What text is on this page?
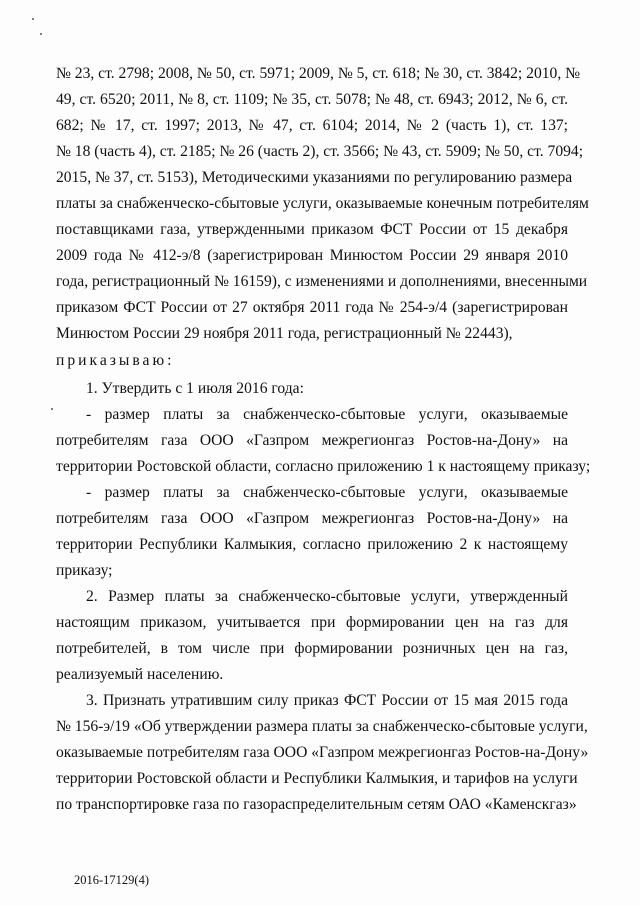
№ 23, ст. 2798; 2008, № 50, ст. 5971; 2009, № 5, ст. 618; № 30, ст. 3842; 2010, №
49, ст. 6520; 2011, № 8, ст. 1109; № 35, ст. 5078; № 48, ст. 6943; 2012, № 6, ст.
682; № 17, ст. 1997; 2013, № 47, ст. 6104; 2014, № 2 (часть 1), ст. 137;
№ 18 (часть 4), ст. 2185; № 26 (часть 2), ст. 3566; № 43, ст. 5909; № 50, ст. 7094;
2015, № 37, ст. 5153), Методическими указаниями по регулированию размера
платы за снабженческо-сбытовые услуги, оказываемые конечным потребителям
поставщиками газа, утвержденными приказом ФСТ России от 15 декабря
2009 года № 412-э/8 (зарегистрирован Минюстом России 29 января 2010
года, регистрационный № 16159), с изменениями и дополнениями, внесенными
приказом ФСТ России от 27 октября 2011 года № 254-э/4 (зарегистрирован
Минюстом России 29 ноября 2011 года, регистрационный № 22443),
приказываю:
1. Утвердить с 1 июля 2016 года:
- размер платы за снабженческо-сбытовые услуги, оказываемые
потребителям газа ООО «Газпром межрегионгаз Ростов-на-Дону» на
территории Ростовской области, согласно приложению 1 к настоящему приказу;
- размер платы за снабженческо-сбытовые услуги, оказываемые
потребителям газа ООО «Газпром межрегионгаз Ростов-на-Дону» на
территории Республики Калмыкия, согласно приложению 2 к настоящему
приказу;
2. Размер платы за снабженческо-сбытовые услуги, утвержденный
настоящим приказом, учитывается при формировании цен на газ для
потребителей, в том числе при формировании розничных цен на газ,
реализуемый населению.
3. Признать утратившим силу приказ ФСТ России от 15 мая 2015 года
№ 156-э/19 «Об утверждении размера платы за снабженческо-сбытовые услуги,
оказываемые потребителям газа ООО «Газпром межрегионгаз Ростов-на-Дону»
территории Ростовской области и Республики Калмыкия, и тарифов на услуги
по транспортировке газа по газораспределительным сетям ОАО «Каменскгаз»
2016-17129(4)
